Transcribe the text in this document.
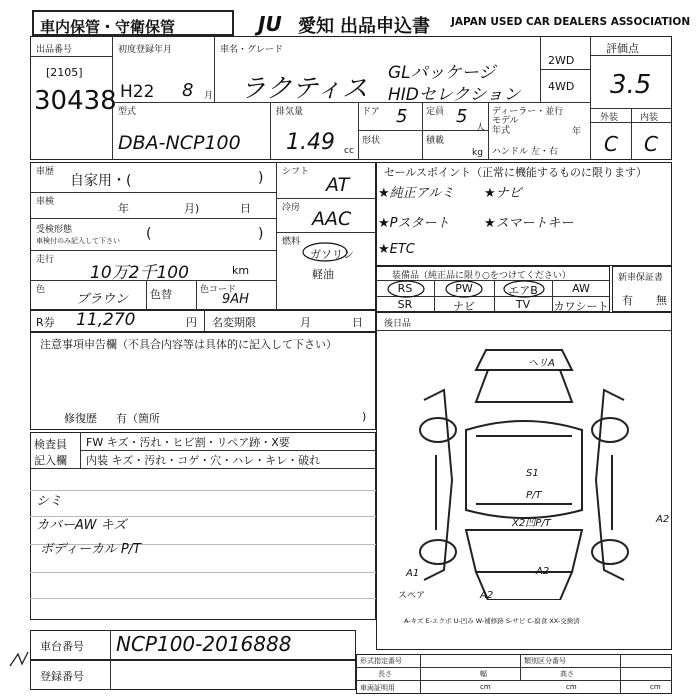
車内保管・守衛保管	JU 愛知 出品申込書 JAPAN USED CAR DEALERS ASSOCIATION
出品番号
[2105]
30438
初度登録年月
H22 8 月
車名・グレード
ラクティス
GLパッケージ
HIDセレクション
2WD
4WD
評価点
3.5
型式
DBA-NCP100
排気量
1.49 cc
ドア 5 定員 5
人
形状	積載
kg
ディーラー・並行
モデル
年式	年
ハンドル 左・右
外装 内装
C C
車歴
自家用・(	)
車検	年	月)	日
受検形態
車検付のみ記入して下さい (	)
走行
10万2千100	km
色
ブラウン 色替	色コード
9AH
シフト
AT
冷房 AAC
燃料
ガソリン
軽油
R券 11,270	円 名変期限	月	日
注意事項申告欄（不具合内容等は具体的に記入して下さい）
修復歴 有（箇所	)
検査員
記入欄
FW キズ・汚れ・ヒビ割・リペア跡・X要
内装 キズ・汚れ・コゲ・穴・ハレ・キレ・破れ
シミ
カバーAW キズ
ボディーカル P/T
セールスポイント（正常に機能するものに限ります）
★純正アルミ ★ナビ
★Pスタート	★スマートキー
★ETC
装備品（純正品に限り○をつけてください）
RS	PW	エアB	AW
SR	ナビ	TV	カワシート
新車保証書
有 無
後日品
ヘリA
S1
P/T
X2凹P/T	A2
A1	A2
A2
スペア
A-キズ E-エクボ U-凹み W-補修跡 S-サビ C-腐食 XX-交換済
車台番号 NCP100-2016888
登録番号
形式指定番号	類別区分番号
長さ	幅	高さ
車両証明用	cm	cm	cm
